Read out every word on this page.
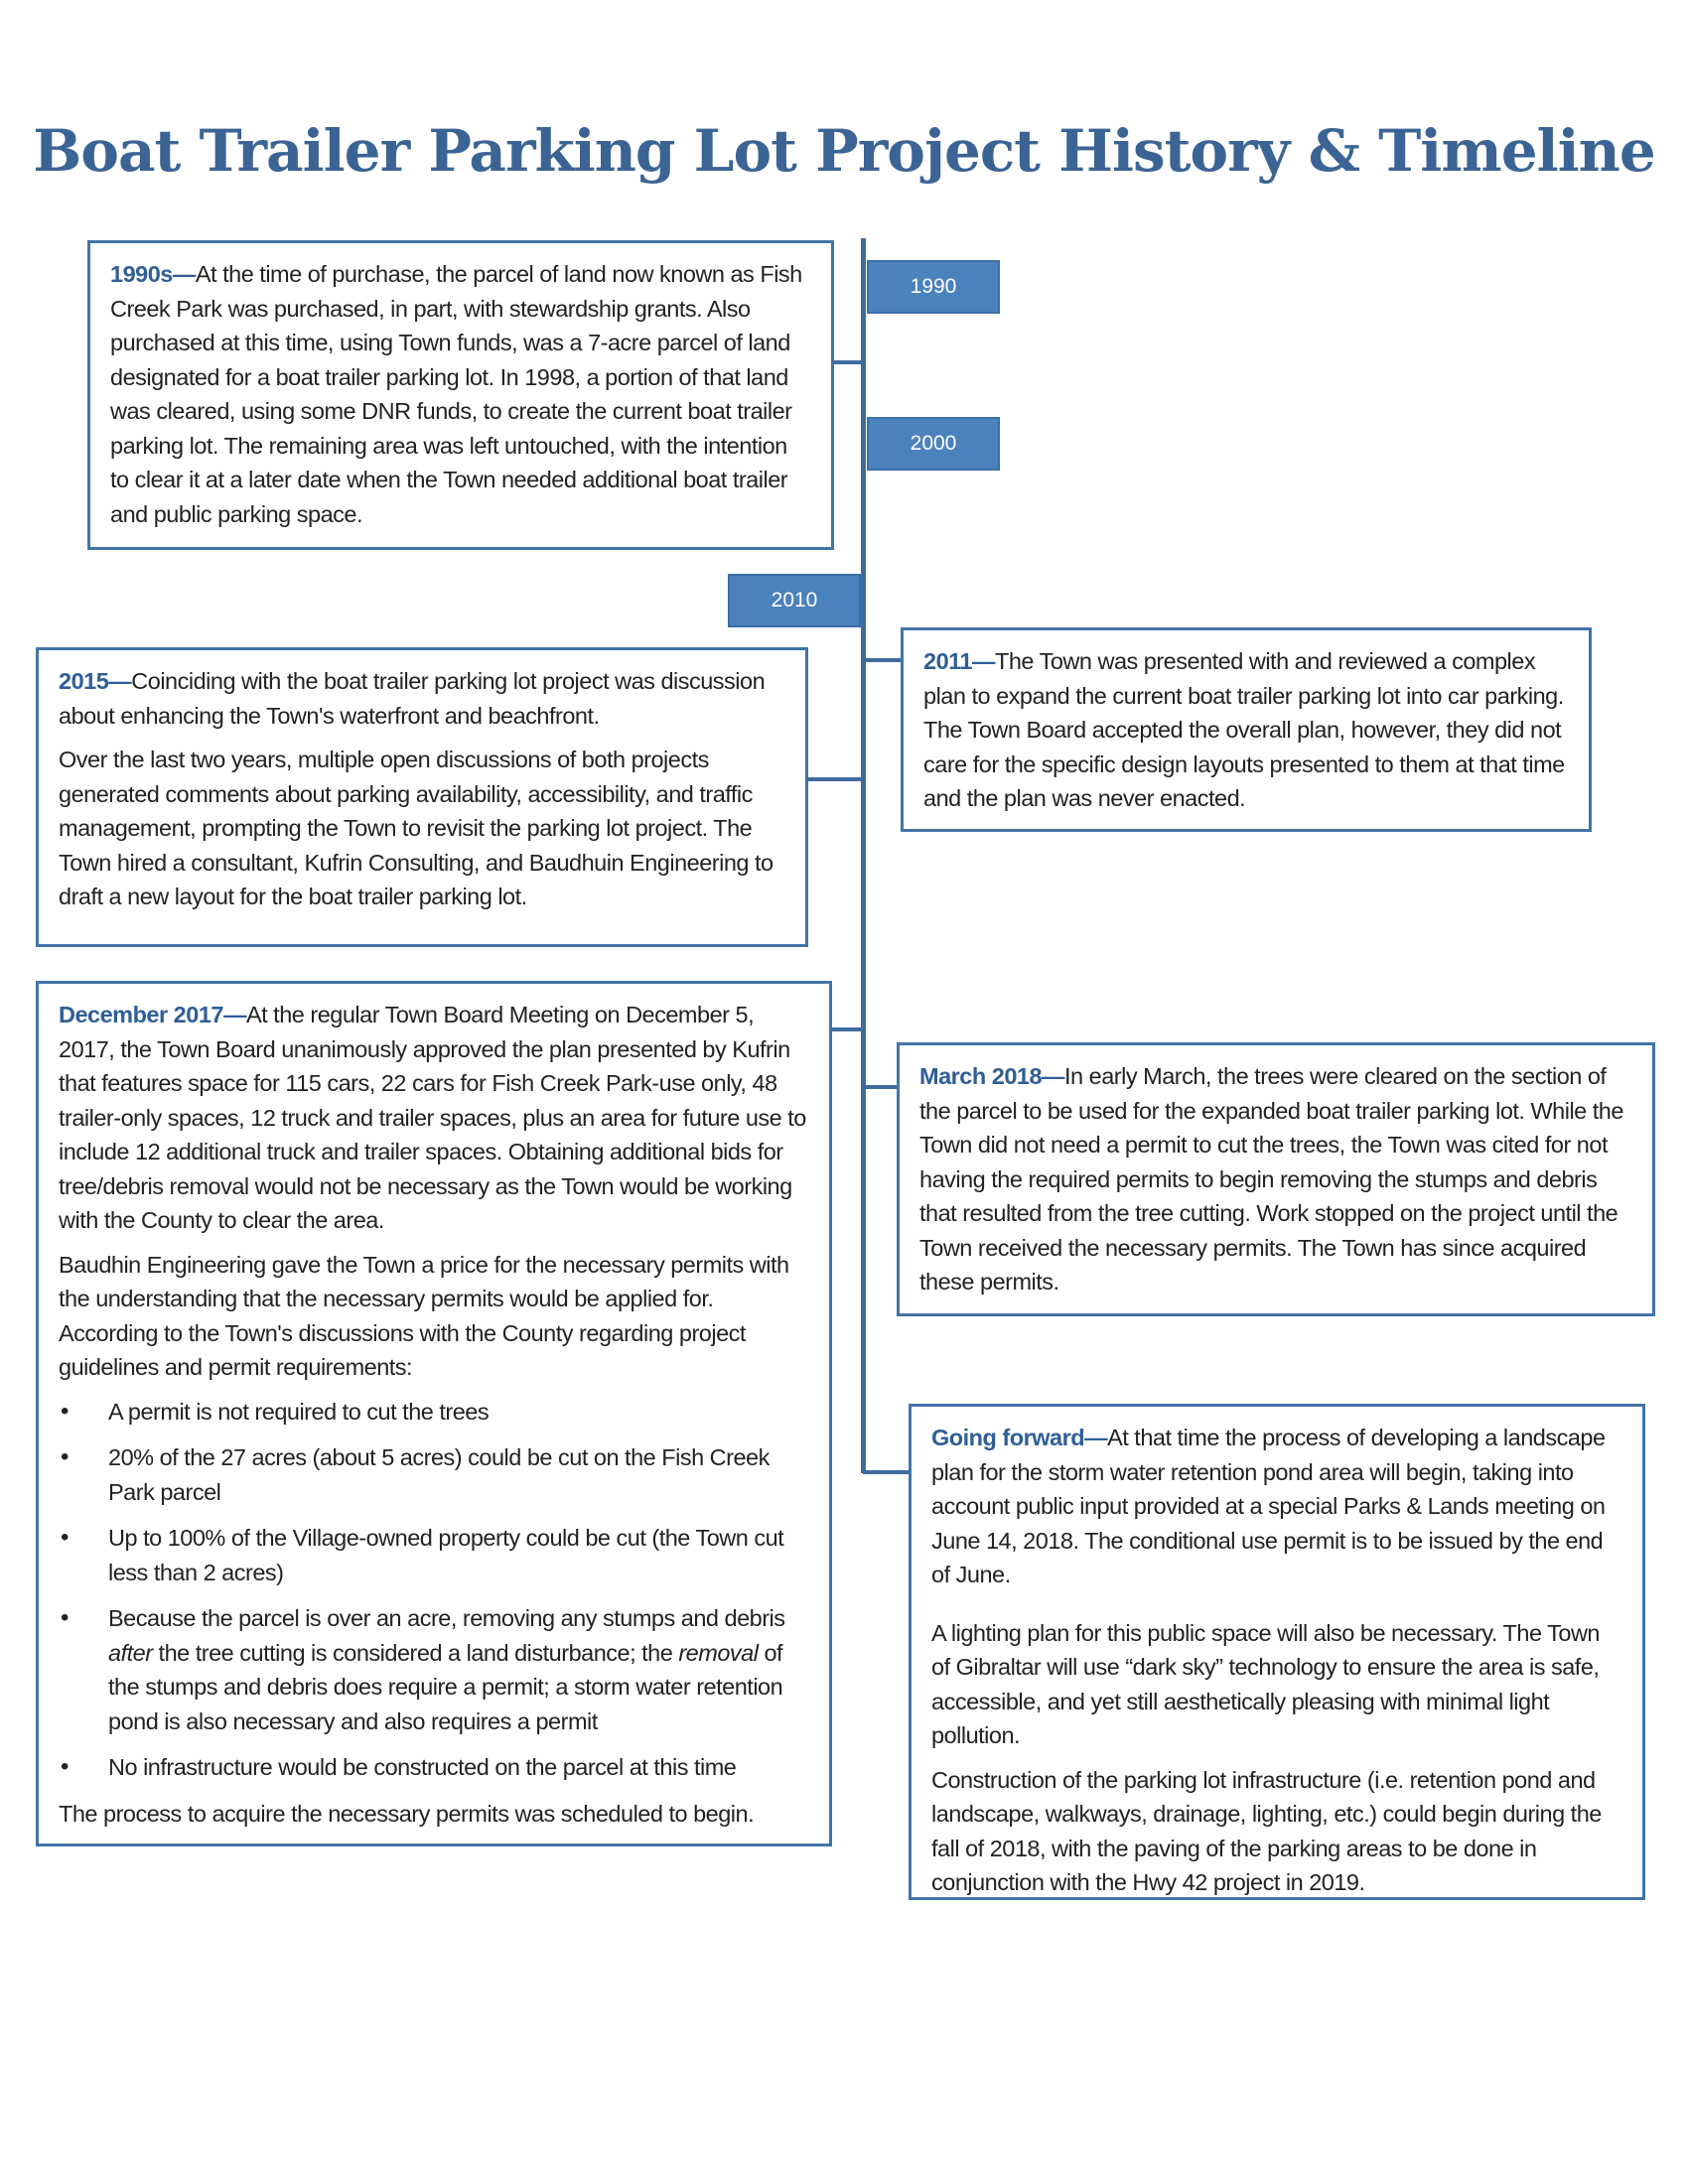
Boat Trailer Parking Lot Project History & Timeline
1990
2000
2010

1990s—At the time of purchase, the parcel of land now known as Fish Creek Park was purchased, in part, with stewardship grants. Also purchased at this time, using Town funds, was a 7-acre parcel of land designated for a boat trailer parking lot. In 1998, a portion of that land was cleared, using some DNR funds, to create the current boat trailer parking lot. The remaining area was left untouched, with the intention to clear it at a later date when the Town needed additional boat trailer and public parking space.

2011—The Town was presented with and reviewed a complex plan to expand the current boat trailer parking lot into car parking. The Town Board accepted the overall plan, however, they did not care for the specific design layouts presented to them at that time and the plan was never enacted.

2015—Coinciding with the boat trailer parking lot project was discussion about enhancing the Town's waterfront and beachfront.

Over the last two years, multiple open discussions of both projects generated comments about parking availability, accessibility, and traffic management, prompting the Town to revisit the parking lot project. The Town hired a consultant, Kufrin Consulting, and Baudhuin Engineering to draft a new layout for the boat trailer parking lot.

December 2017—At the regular Town Board Meeting on December 5, 2017, the Town Board unanimously approved the plan presented by Kufrin that features space for 115 cars, 22 cars for Fish Creek Park-use only, 48 trailer-only spaces, 12 truck and trailer spaces, plus an area for future use to include 12 additional truck and trailer spaces. Obtaining additional bids for tree/debris removal would not be necessary as the Town would be working with the County to clear the area.

Baudhin Engineering gave the Town a price for the necessary permits with the understanding that the necessary permits would be applied for. According to the Town's discussions with the County regarding project guidelines and permit requirements:

• A permit is not required to cut the trees
• 20% of the 27 acres (about 5 acres) could be cut on the Fish Creek Park parcel
• Up to 100% of the Village-owned property could be cut (the Town cut less than 2 acres)
• Because the parcel is over an acre, removing any stumps and debris after the tree cutting is considered a land disturbance; the removal of the stumps and debris does require a permit; a storm water retention pond is also necessary and also requires a permit
• No infrastructure would be constructed on the parcel at this time

The process to acquire the necessary permits was scheduled to begin.

March 2018—In early March, the trees were cleared on the section of the parcel to be used for the expanded boat trailer parking lot. While the Town did not need a permit to cut the trees, the Town was cited for not having the required permits to begin removing the stumps and debris that resulted from the tree cutting. Work stopped on the project until the Town received the necessary permits. The Town has since acquired these permits.

Going forward—At that time the process of developing a landscape plan for the storm water retention pond area will begin, taking into account public input provided at a special Parks & Lands meeting on June 14, 2018. The conditional use permit is to be issued by the end of June.

A lighting plan for this public space will also be necessary. The Town of Gibraltar will use “dark sky” technology to ensure the area is safe, accessible, and yet still aesthetically pleasing with minimal light pollution.

Construction of the parking lot infrastructure (i.e. retention pond and landscape, walkways, drainage, lighting, etc.) could begin during the fall of 2018, with the paving of the parking areas to be done in conjunction with the Hwy 42 project in 2019.
